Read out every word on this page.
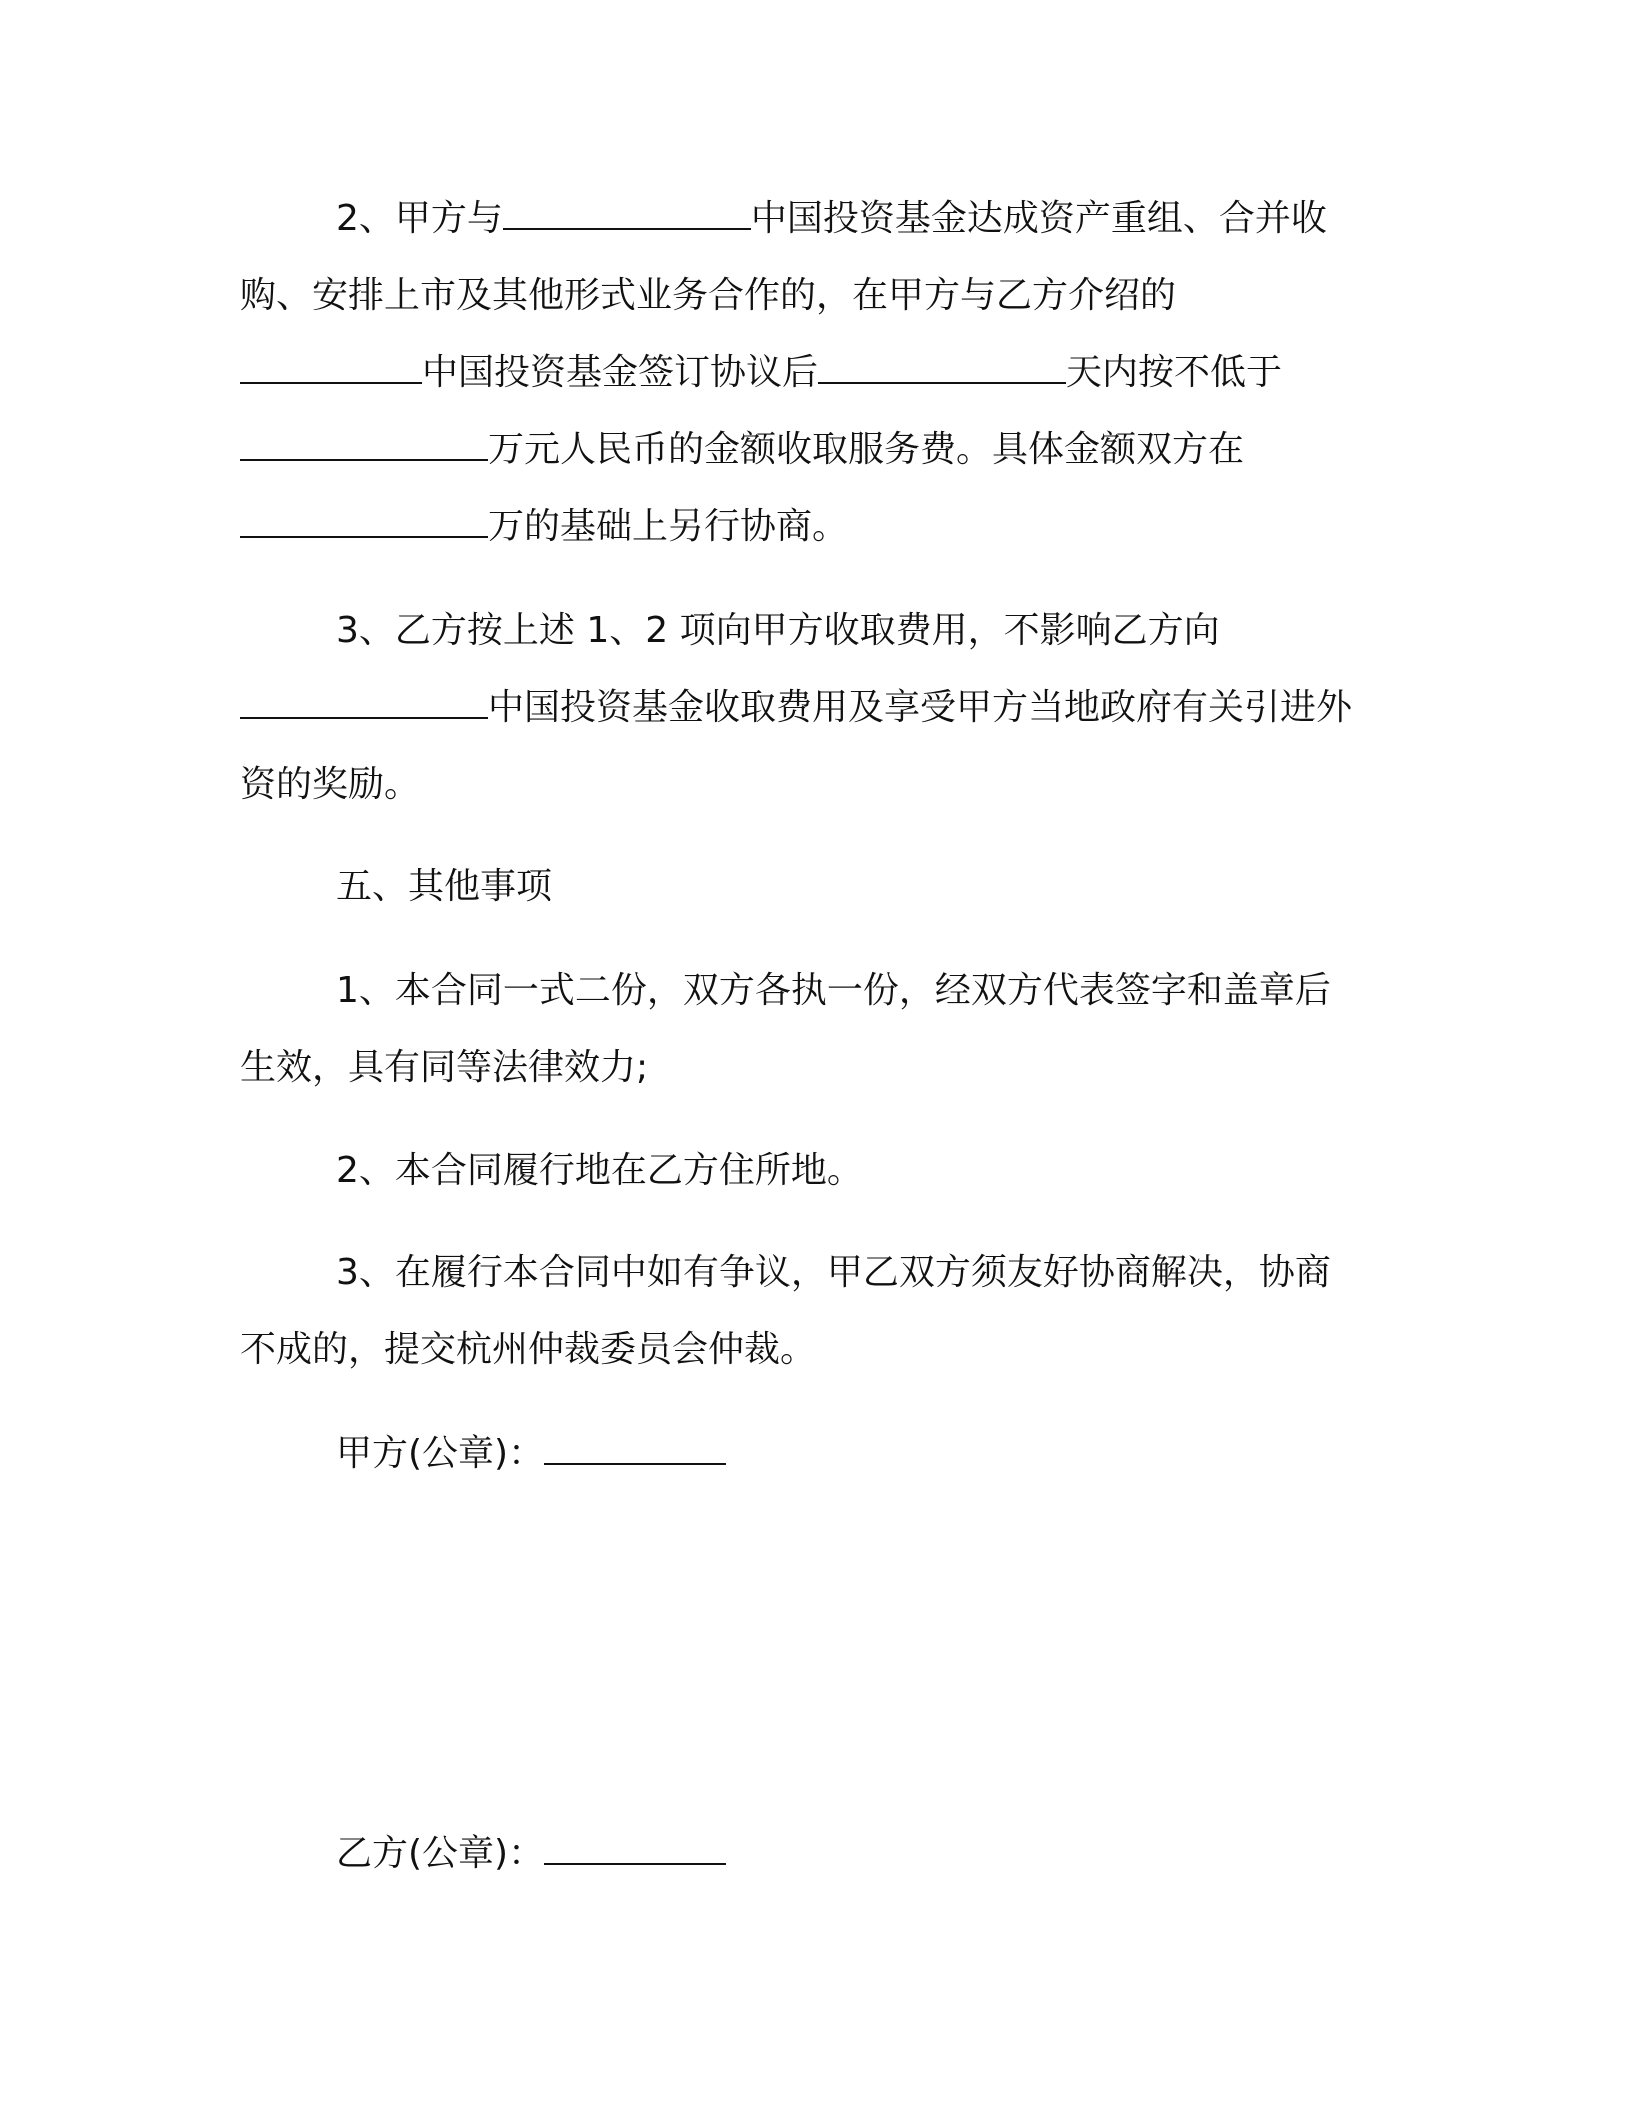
2、甲方与	中国投资基金达成资产重组、合并收
购、安排上市及其他形式业务合作的，在甲方与乙方介绍的
中国投资基金签订协议后	天内按不低于
万元人民币的金额收取服务费。具体金额双方在
万的基础上另行协商。
3、乙方按上述 1、2 项向甲方收取费用，不影响乙方向
中国投资基金收取费用及享受甲方当地政府有关引进外
资的奖励。
五、其他事项
1、本合同一式二份，双方各执一份，经双方代表签字和盖章后
生效，具有同等法律效力;
2、本合同履行地在乙方住所地。
3、在履行本合同中如有争议，甲乙双方须友好协商解决，协商
不成的，提交杭州仲裁委员会仲裁。
甲方(公章)：
乙方(公章)：
